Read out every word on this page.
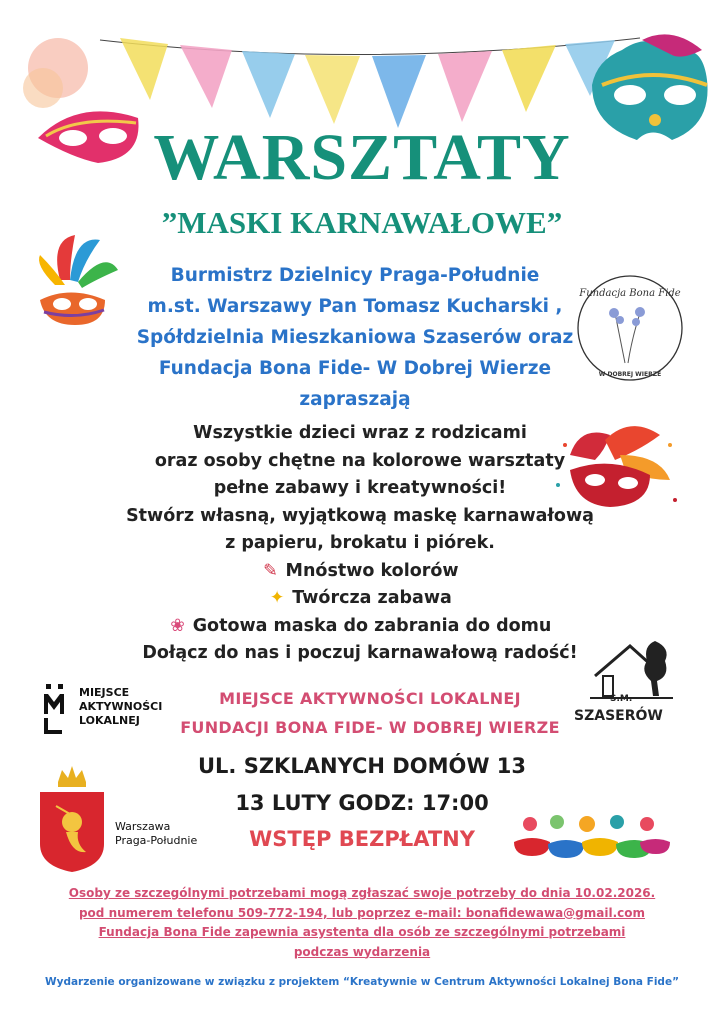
Fundacja Bona Fide
W DOBREJ WIERZE
WARSZTATY
”MASKI KARNAWAŁOWE”
Burmistrz Dzielnicy Praga-Południe
m.st. Warszawy Pan Tomasz Kucharski ,
Spółdzielnia Mieszkaniowa Szaserów oraz
Fundacja Bona Fide- W Dobrej Wierze
zapraszają
Wszystkie dzieci wraz z rodzicami
oraz osoby chętne na kolorowe warsztaty
pełne zabawy i kreatywności!
Stwórz własną, wyjątkową maskę karnawałową
z papieru, brokatu i piórek.
✎ Mnóstwo kolorów
✦ Twórcza zabawa
❀ Gotowa maska do zabrania do domu
Dołącz do nas i poczuj karnawałową radość!
MIEJSCE
AKTYWNOŚCI
LOKALNEJ
S.M.
SZASERÓW
MIEJSCE AKTYWNOŚCI LOKALNEJ
FUNDACJI BONA FIDE- W DOBREJ WIERZE
UL. SZKLANYCH DOMÓW 13
13 LUTY GODZ: 17:00
WSTĘP BEZPŁATNY
Warszawa
Praga-Południe
Osoby ze szczególnymi potrzebami mogą zgłaszać swoje potrzeby do dnia 10.02.2026.
pod numerem telefonu 509-772-194, lub poprzez e-mail: bonafidewawa@gmail.com
Fundacja Bona Fide zapewnia asystenta dla osób ze szczególnymi potrzebami
podczas wydarzenia
Wydarzenie organizowane w związku z projektem “Kreatywnie w Centrum Aktywności Lokalnej Bona Fide”
